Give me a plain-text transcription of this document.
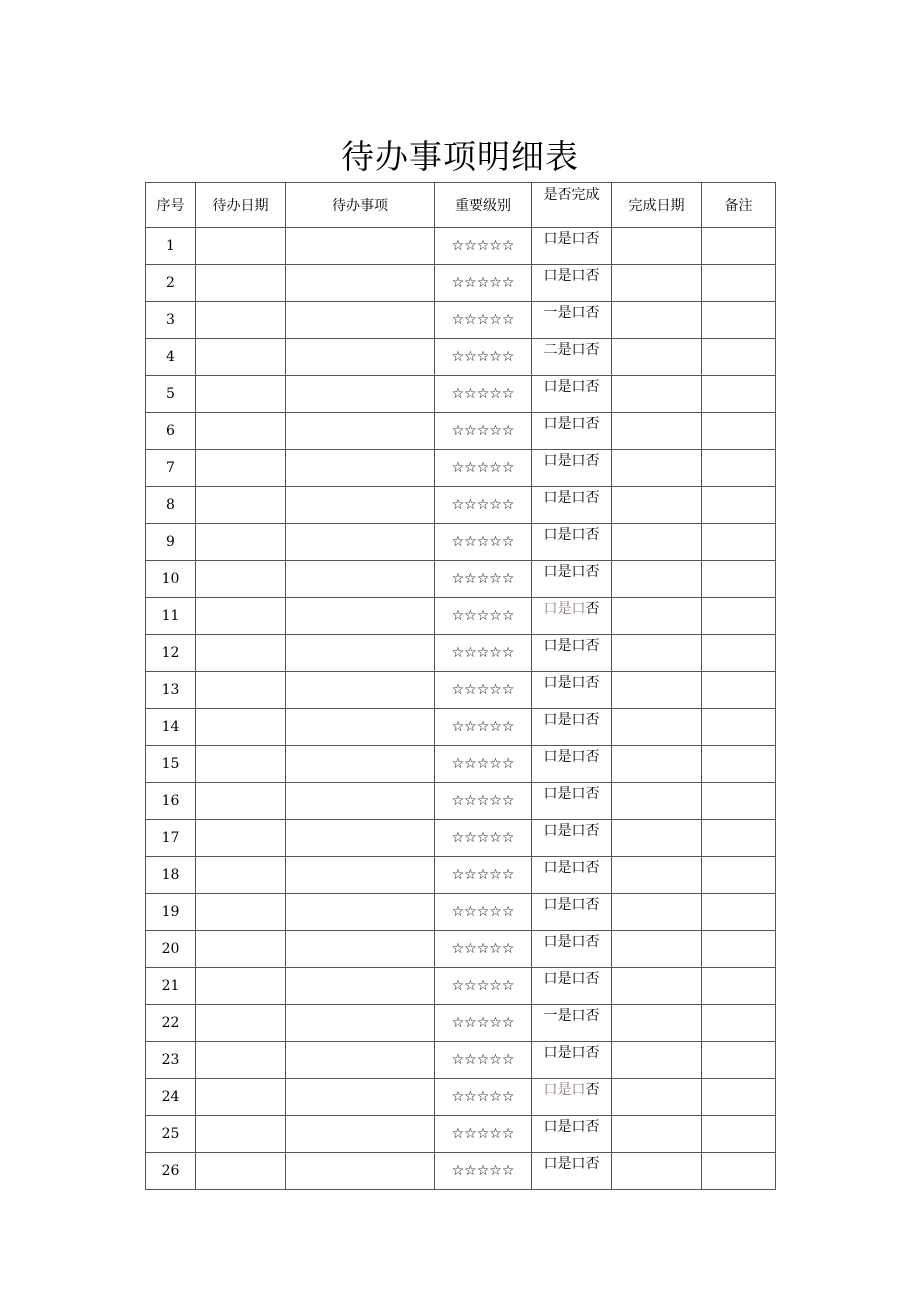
待办事项明细表
序号	待办日期	待办事项	重要级别	是否完成	完成日期	备注
1			☆☆☆☆☆	口是口否		
2			☆☆☆☆☆	口是口否		
3			☆☆☆☆☆	一是口否		
4			☆☆☆☆☆	二是口否		
5			☆☆☆☆☆	口是口否		
6			☆☆☆☆☆	口是口否		
7			☆☆☆☆☆	口是口否		
8			☆☆☆☆☆	口是口否		
9			☆☆☆☆☆	口是口否		
10			☆☆☆☆☆	口是口否		
11			☆☆☆☆☆	口是口否		
12			☆☆☆☆☆	口是口否		
13			☆☆☆☆☆	口是口否		
14			☆☆☆☆☆	口是口否		
15			☆☆☆☆☆	口是口否		
16			☆☆☆☆☆	口是口否		
17			☆☆☆☆☆	口是口否		
18			☆☆☆☆☆	口是口否		
19			☆☆☆☆☆	口是口否		
20			☆☆☆☆☆	口是口否		
21			☆☆☆☆☆	口是口否		
22			☆☆☆☆☆	一是口否		
23			☆☆☆☆☆	口是口否		
24			☆☆☆☆☆	口是口否		
25			☆☆☆☆☆	口是口否		
26			☆☆☆☆☆	口是口否		
